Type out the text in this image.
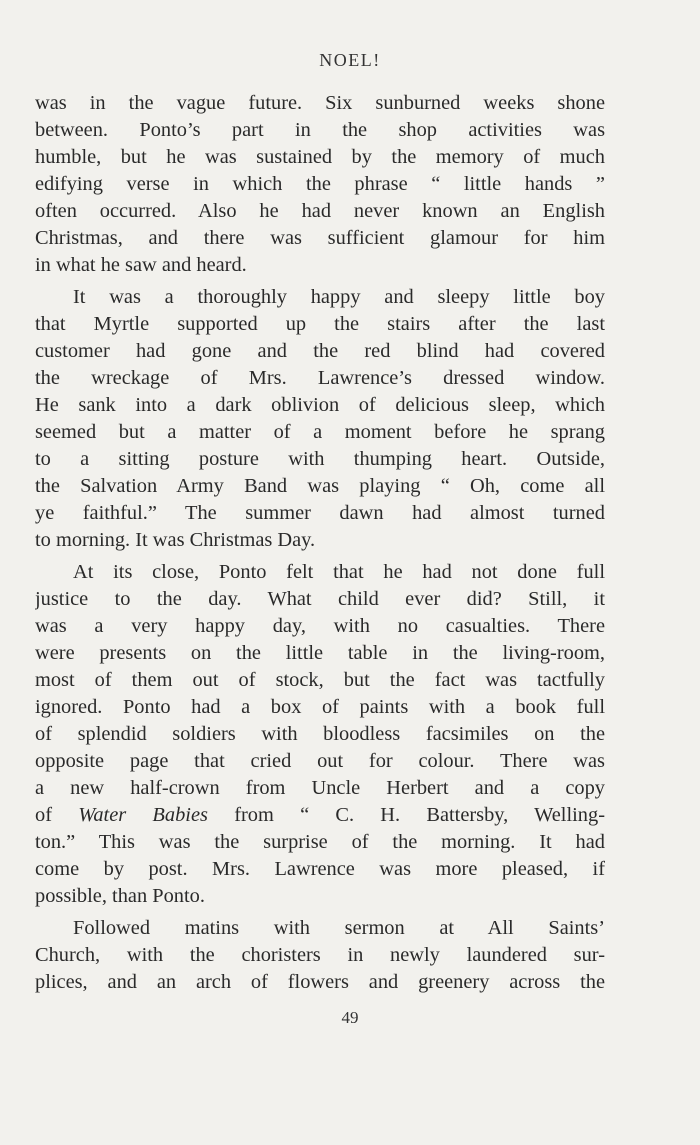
NOEL!
was in the vague future. Six sunburned weeks shone
between. Ponto’s part in the shop activities was
humble, but he was sustained by the memory of much
edifying verse in which the phrase “ little hands ”
often occurred. Also he had never known an English
Christmas, and there was sufficient glamour for him
in what he saw and heard.
It was a thoroughly happy and sleepy little boy
that Myrtle supported up the stairs after the last
customer had gone and the red blind had covered
the wreckage of Mrs. Lawrence’s dressed window.
He sank into a dark oblivion of delicious sleep, which
seemed but a matter of a moment before he sprang
to a sitting posture with thumping heart. Outside,
the Salvation Army Band was playing “ Oh, come all
ye faithful.” The summer dawn had almost turned
to morning. It was Christmas Day.
At its close, Ponto felt that he had not done full
justice to the day. What child ever did? Still, it
was a very happy day, with no casualties. There
were presents on the little table in the living-room,
most of them out of stock, but the fact was tactfully
ignored. Ponto had a box of paints with a book full
of splendid soldiers with bloodless facsimiles on the
opposite page that cried out for colour. There was
a new half-crown from Uncle Herbert and a copy
of Water Babies from “ C. H. Battersby, Welling-
ton.” This was the surprise of the morning. It had
come by post. Mrs. Lawrence was more pleased, if
possible, than Ponto.
Followed matins with sermon at All Saints’
Church, with the choristers in newly laundered sur-
plices, and an arch of flowers and greenery across the
49
